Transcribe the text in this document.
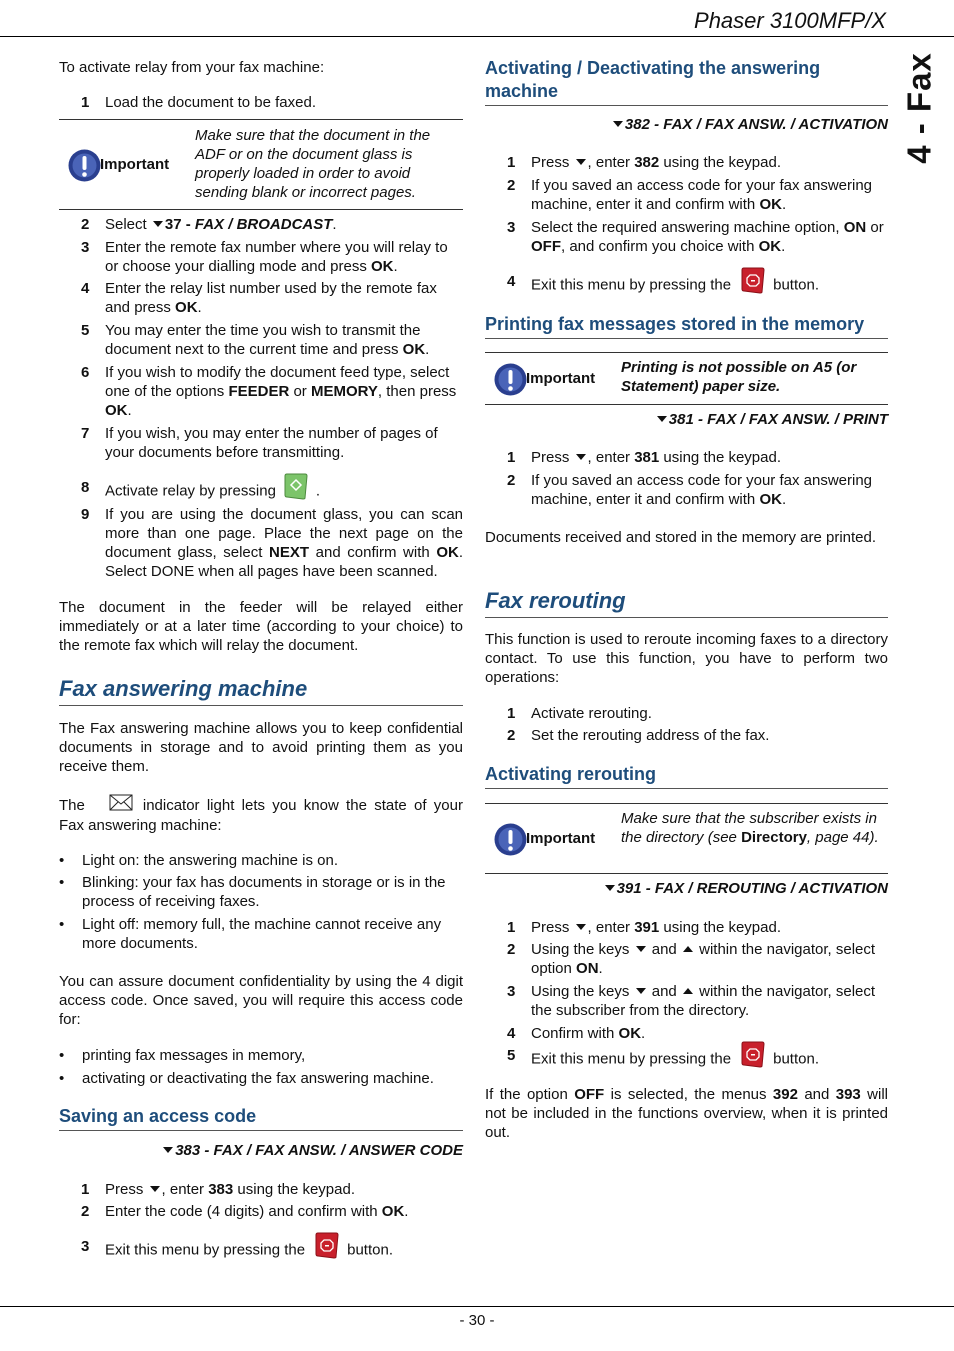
Phaser 3100MFP/X
4 - Fax
To activate relay from your fax machine:
1 Load the document to be faxed.
Important
Make sure that the document in the ADF or on the document glass is properly loaded in order to avoid sending blank or incorrect pages.
2 Select 37 - FAX / BROADCAST.
3 Enter the remote fax number where you will relay to or choose your dialling mode and press OK.
4 Enter the relay list number used by the remote fax and press OK.
5 You may enter the time you wish to transmit the document next to the current time and press OK.
6 If you wish to modify the document feed type, select one of the options FEEDER or MEMORY, then press OK.
7 If you wish, you may enter the number of pages of your documents before transmitting.
8 Activate relay by pressing	.
9 If you are using the document glass, you can scan more than one page. Place the next page on the document glass, select NEXT and confirm with OK. Select DONE when all pages have been scanned.
The document in the feeder will be relayed either immediately or at a later time (according to your choice) to the remote fax which will relay the document.
Fax answering machine
The Fax answering machine allows you to keep confidential documents in storage and to avoid printing them as you receive them.
The	indicator light lets you know the state of your Fax answering machine:
• Light on: the answering machine is on.
• Blinking: your fax has documents in storage or is in the process of receiving faxes.
• Light off: memory full, the machine cannot receive any more documents.
You can assure document confidentiality by using the 4 digit access code. Once saved, you will require this access code for:
• printing fax messages in memory,
• activating or deactivating the fax answering machine.
Saving an access code
383 - FAX / FAX ANSW. / ANSWER CODE
1 Press , enter 383 using the keypad.
2 Enter the code (4 digits) and confirm with OK.
3 Exit this menu by pressing the	button.
Activating / Deactivating the answering machine
382 - FAX / FAX ANSW. / ACTIVATION
1 Press , enter 382 using the keypad.
2 If you saved an access code for your fax answering machine, enter it and confirm with OK.
3 Select the required answering machine option, ON or OFF, and confirm you choice with OK.
4 Exit this menu by pressing the	button.
Printing fax messages stored in the memory
Important
Printing is not possible on A5 (or Statement) paper size.
381 - FAX / FAX ANSW. / PRINT
1 Press , enter 381 using the keypad.
2 If you saved an access code for your fax answering machine, enter it and confirm with OK.
Documents received and stored in the memory are printed.
Fax rerouting
This function is used to reroute incoming faxes to a directory contact. To use this function, you have to perform two operations:
1 Activate rerouting.
2 Set the rerouting address of the fax.
Activating rerouting
Important
Make sure that the subscriber exists in the directory (see Directory, page 44).
391 - FAX / REROUTING / ACTIVATION
1 Press , enter 391 using the keypad.
2 Using the keys and within the navigator, select option ON.
3 Using the keys and within the navigator, select the subscriber from the directory.
4 Confirm with OK.
5 Exit this menu by pressing the	button.
If the option OFF is selected, the menus 392 and 393 will not be included in the functions overview, when it is printed out.
- 30 -
